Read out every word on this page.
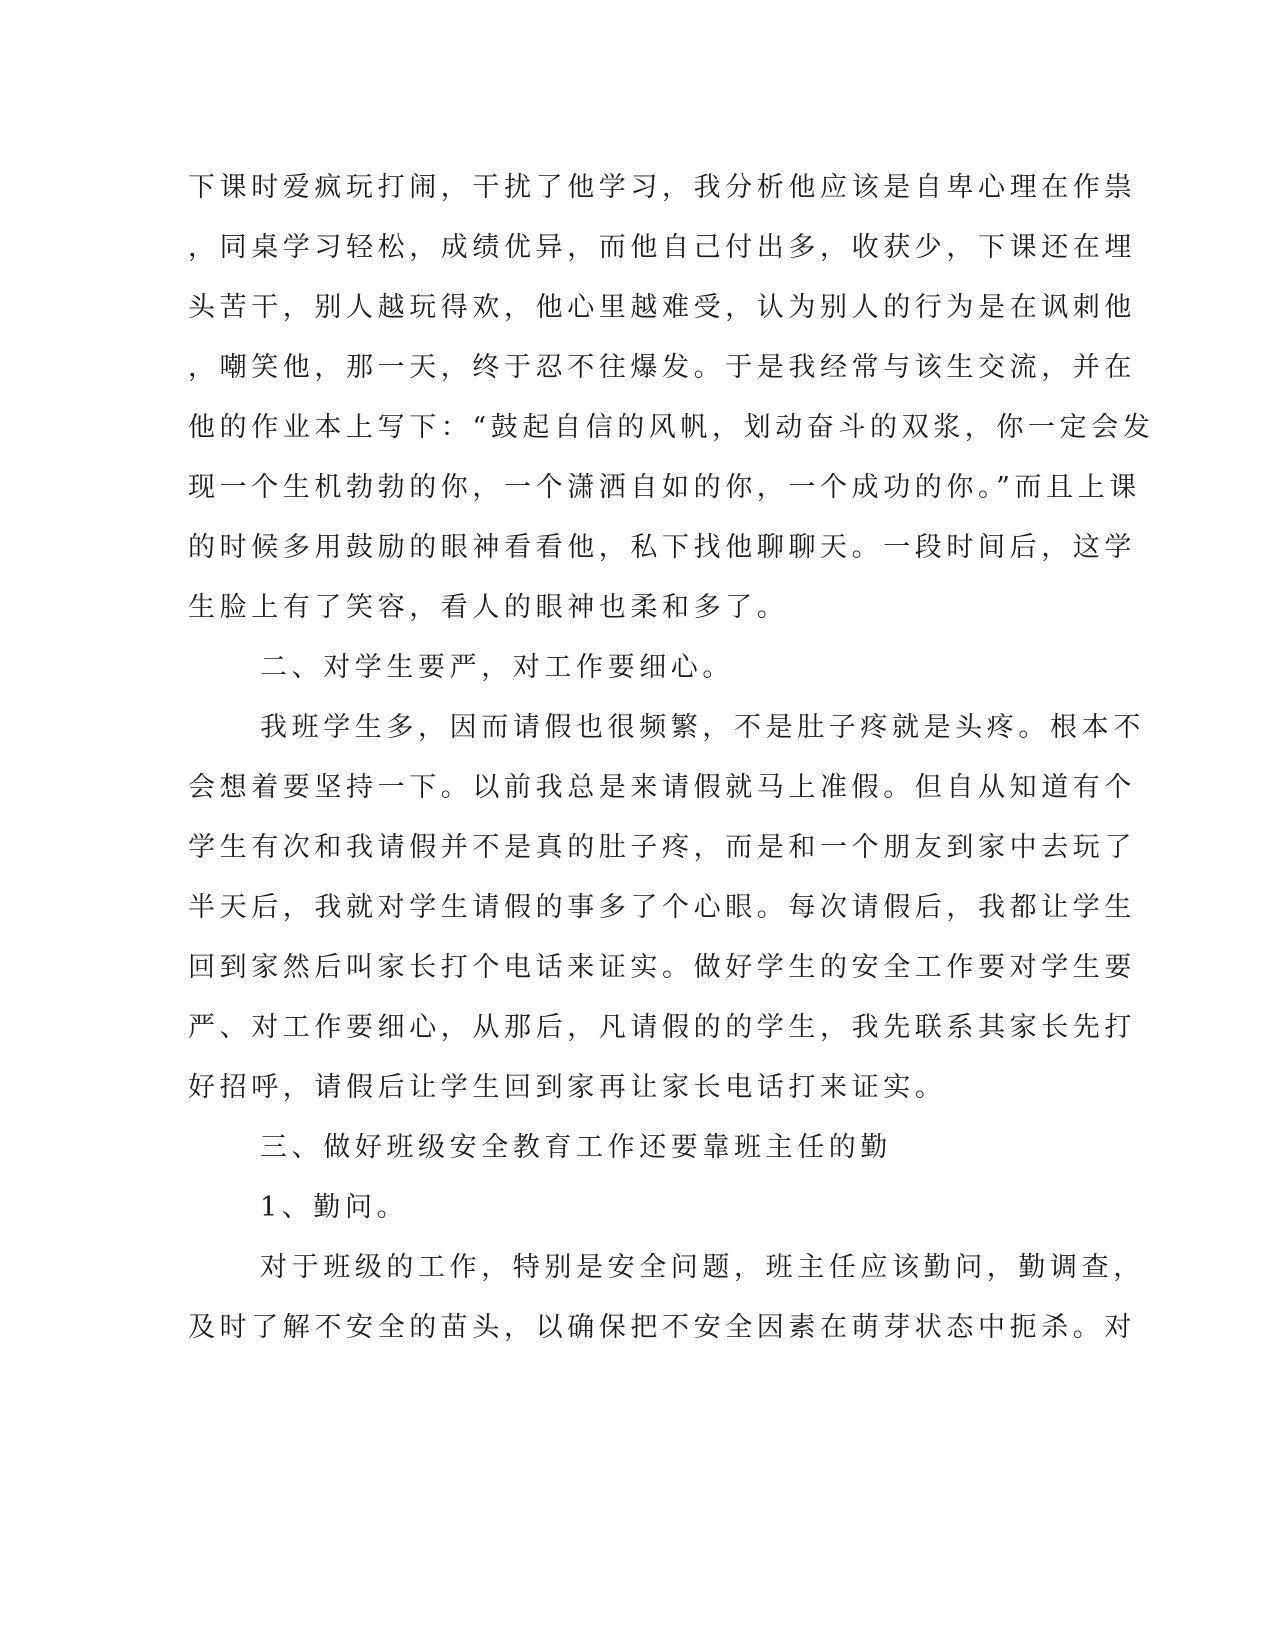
下课时爱疯玩打闹，干扰了他学习，我分析他应该是自卑心理在作祟
，同桌学习轻松，成绩优异，而他自己付出多，收获少，下课还在埋
头苦干，别人越玩得欢，他心里越难受，认为别人的行为是在讽刺他
，嘲笑他，那一天，终于忍不往爆发。于是我经常与该生交流，并在
他的作业本上写下：“鼓起自信的风帆，划动奋斗的双浆，你一定会发
现一个生机勃勃的你，一个潇洒自如的你，一个成功的你。”而且上课
的时候多用鼓励的眼神看看他，私下找他聊聊天。一段时间后，这学
生脸上有了笑容，看人的眼神也柔和多了。
二、对学生要严，对工作要细心。
我班学生多，因而请假也很频繁，不是肚子疼就是头疼。根本不
会想着要坚持一下。以前我总是来请假就马上准假。但自从知道有个
学生有次和我请假并不是真的肚子疼，而是和一个朋友到家中去玩了
半天后，我就对学生请假的事多了个心眼。每次请假后，我都让学生
回到家然后叫家长打个电话来证实。做好学生的安全工作要对学生要
严、对工作要细心，从那后，凡请假的的学生，我先联系其家长先打
好招呼，请假后让学生回到家再让家长电话打来证实。
三、做好班级安全教育工作还要靠班主任的勤
1、勤问。
对于班级的工作，特别是安全问题，班主任应该勤问，勤调查，
及时了解不安全的苗头，以确保把不安全因素在萌芽状态中扼杀。对
